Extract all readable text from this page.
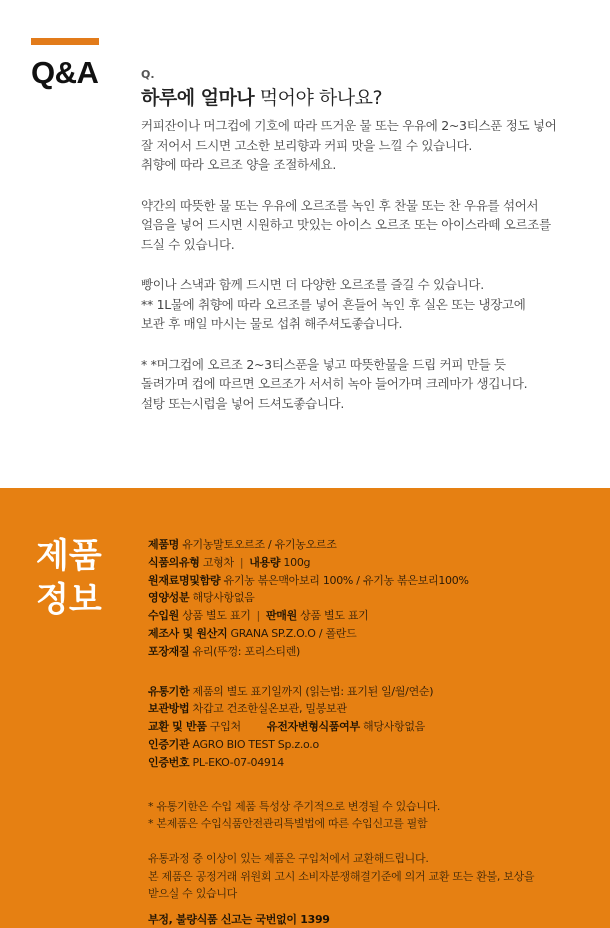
Q&A	Q.
하루에 얼마나 먹어야 하나요?

커피잔이나 머그컵에 기호에 따라 뜨거운 물 또는 우유에 2~3티스푼 정도 넣어
잘 저어서 드시면 고소한 보리향과 커피 맛을 느낄 수 있습니다.
취향에 따라 오르조 양을 조절하세요.

약간의 따뜻한 물 또는 우유에 오르조를 녹인 후 찬물 또는 찬 우유를 섞어서
얼음을 넣어 드시면 시원하고 맛있는 아이스 오르조 또는 아이스라떼 오르조를
드실 수 있습니다.

빵이나 스낵과 함께 드시면 더 다양한 오르조를 즐길 수 있습니다.
** 1L물에 취향에 따라 오르조를 넣어 흔들어 녹인 후 실온 또는 냉장고에
보관 후 매일 마시는 물로 섭취 해주셔도좋습니다.

* *머그컵에 오르조 2~3티스푼을 넣고 따뜻한물을 드립 커피 만들 듯
돌려가며 컵에 따르면 오르조가 서서히 녹아 들어가며 크레마가 생깁니다.
설탕 또는시럽을 넣어 드셔도좋습니다.

제품
정보
제품명 유기농말토오르조 / 유기농오르조
식품의유형 고형차 | 내용량 100g
원재료명및함량 유기농 볶은맥아보리 100% / 유기농 볶은보리100%
영양성분 해당사항없음
수입원 상품 별도 표기 | 판매원 상품 별도 표기
제조사 및 원산지 GRANA SP.Z.O.O / 폴란드
포장재질 유리(뚜껑: 포리스티렌)
유통기한 제품의 별도 표기일까지 (읽는법: 표기된 일/월/연순)
보관방법 차갑고 건조한실온보관, 밀봉보관
교환 및 반품 구입처 유전자변형식품여부 해당사항없음
인증기관 AGRO BIO TEST Sp.z.o.o
인증번호 PL-EKO-07-04914
* 유통기한은 수입 제품 특성상 주기적으로 변경될 수 있습니다.
* 본제품은 수입식품안전관리특별법에 따른 수입신고를 필함
유통과정 중 이상이 있는 제품은 구입처에서 교환해드립니다.
본 제품은 공정거래 위원회 고시 소비자분쟁해결기준에 의거 교환 또는 환불, 보상을
받으실 수 있습니다
부정, 불량식품 신고는 국번없이 1399
